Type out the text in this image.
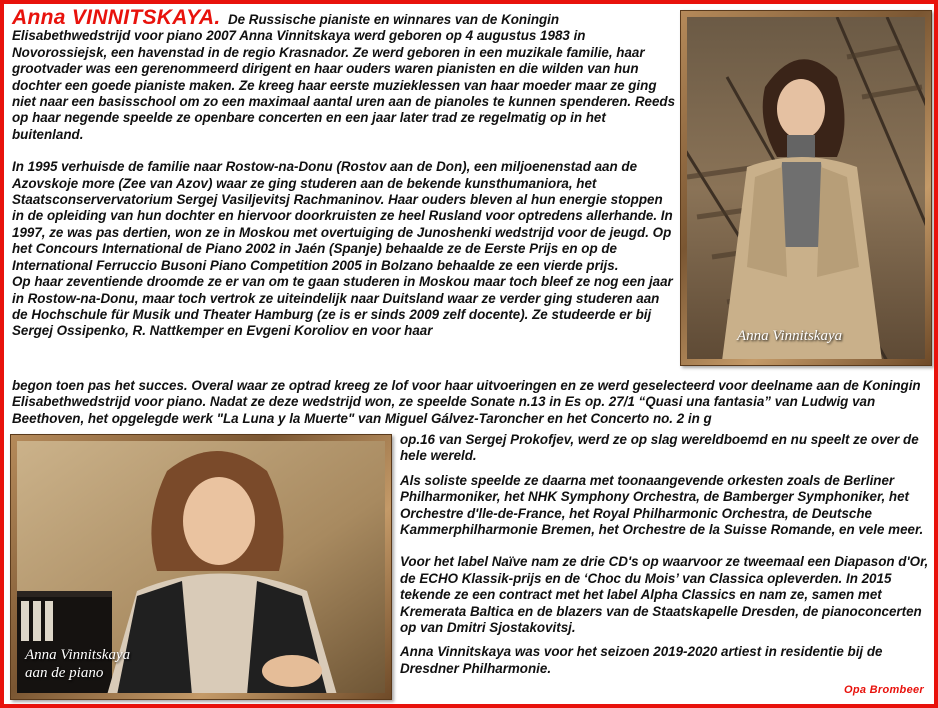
Anna Vinnitskaya
Anna Vinnitskaya
aan de piano

Anna VINNITSKAYA. De Russische pianiste en winnares van de Koningin Elisabethwedstrijd voor piano 2007 Anna Vinnitskaya werd geboren op 4 augustus 1983 in Novorossiejsk, een havenstad in de regio Krasnador. Ze werd geboren in een muzikale familie, haar grootvader was een gerenommeerd dirigent en haar ouders waren pianisten en die wilden van hun dochter een goede pianiste maken. Ze kreeg haar eerste muzieklessen van haar moeder maar ze ging niet naar een basisschool om zo een maximaal aantal uren aan de pianoles te kunnen spenderen. Reeds op haar negende speelde ze openbare concerten en een jaar later trad ze regelmatig op in het buitenland.

In 1995 verhuisde de familie naar Rostow-na-Donu (Rostov aan de Don), een miljoenenstad aan de Azovskoje more (Zee van Azov) waar ze ging studeren aan de bekende kunsthumaniora, het Staatsconservervatorium Sergej Vasiljevitsj Rachmaninov. Haar ouders bleven al hun energie stoppen in de opleiding van hun dochter en hiervoor doorkruisten ze heel Rusland voor optredens allerhande. In 1997, ze was pas dertien, won ze in Moskou met overtuiging de Junoshenki wedstrijd voor de jeugd. Op het Concours International de Piano 2002 in Jaén (Spanje) behaalde ze de Eerste Prijs en op de International Ferruccio Busoni Piano Competition 2005 in Bolzano behaalde ze een vierde prijs.

Op haar zeventiende droomde ze er van om te gaan studeren in Moskou maar toch bleef ze nog een jaar in Rostow-na-Donu, maar toch vertrok ze uiteindelijk naar Duitsland waar ze verder ging studeren aan de Hochschule für Musik und Theater Hamburg (ze is er sinds 2009 zelf docente). Ze studeerde er bij Sergej Ossipenko, R. Nattkemper en Evgeni Koroliov en voor haar

begon toen pas het succes. Overal waar ze optrad kreeg ze lof voor haar uitvoeringen en ze werd geselecteerd voor deelname aan de Koningin Elisabethwedstrijd voor piano. Nadat ze deze wedstrijd won, ze speelde Sonate n.13 in Es op. 27/1 “Quasi una fantasia” van Ludwig van Beethoven, het opgelegde werk "La Luna y la Muerte" van Miguel Gálvez-Taroncher en het Concerto no. 2 in g

op.16 van Sergej Prokofjev, werd ze op slag wereldboemd en nu speelt ze over de hele wereld.

Als soliste speelde ze daarna met toonaangevende orkesten zoals de Berliner Philharmoniker, het NHK Symphony Orchestra, de Bamberger Symphoniker, het Orchestre d'lle-de-France, het Royal Philharmonic Orchestra, de Deutsche Kammerphilharmonie Bremen, het Orchestre de la Suisse Romande, en vele meer.

Voor het label Naïve nam ze drie CD's op waarvoor ze tweemaal een Diapason d'Or, de ECHO Klassik-prijs en de ‘Choc du Mois’ van Classica opleverden. In 2015 tekende ze een contract met het label Alpha Classics en nam ze, samen met Kremerata Baltica en de blazers van de Staatskapelle Dresden, de pianoconcerten op van Dmitri Sjostakovitsj.

Anna Vinnitskaya was voor het seizoen 2019-2020 artiest in residentie bij de Dresdner Philharmonie.

Opa Brombeer
